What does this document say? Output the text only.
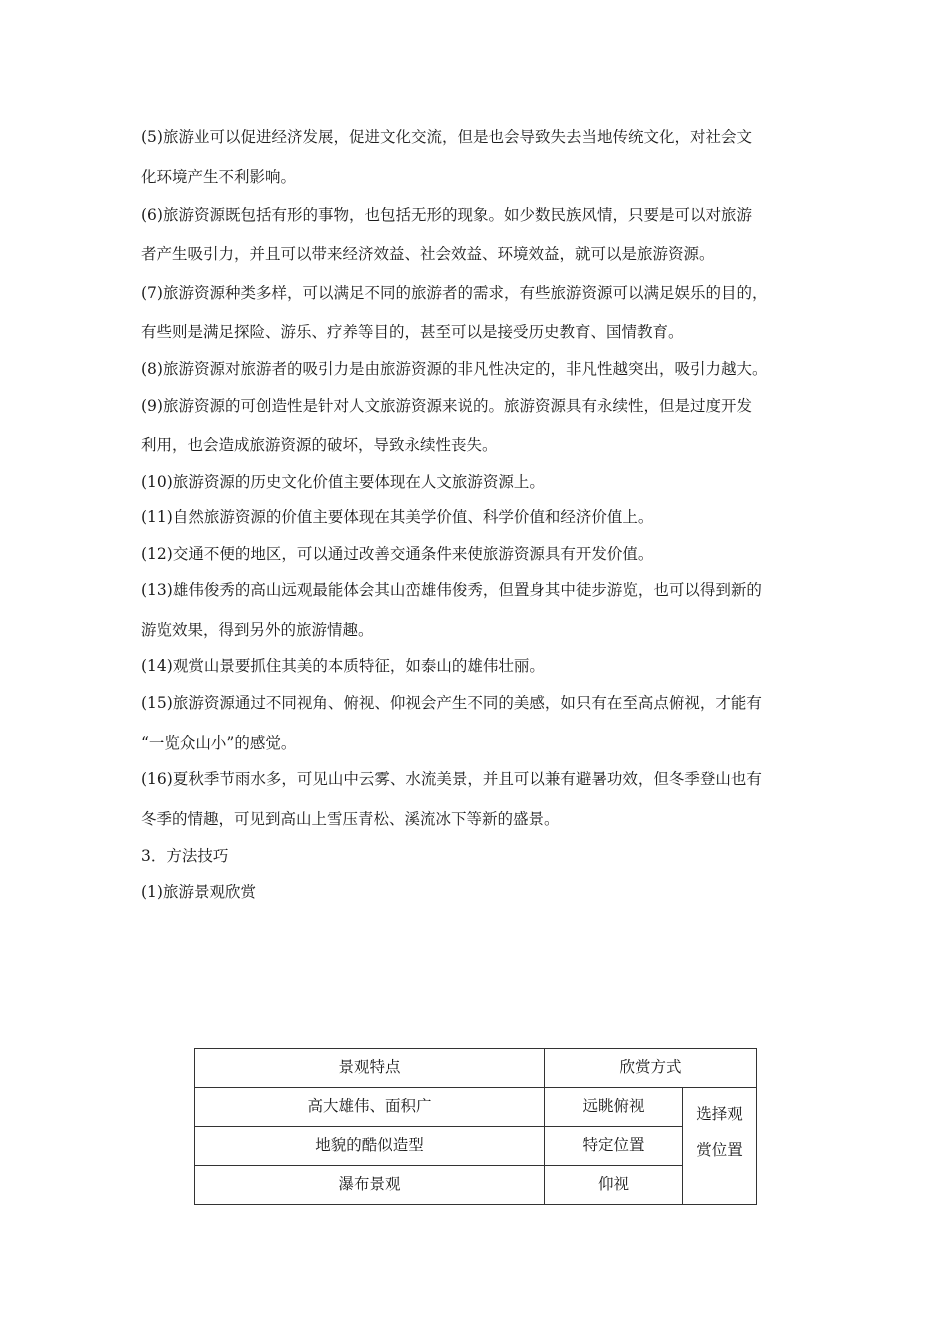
(5)旅游业可以促进经济发展，促进文化交流，但是也会导致失去当地传统文化，对社会文
化环境产生不利影响。
(6)旅游资源既包括有形的事物，也包括无形的现象。如少数民族风情，只要是可以对旅游
者产生吸引力，并且可以带来经济效益、社会效益、环境效益，就可以是旅游资源。
(7)旅游资源种类多样，可以满足不同的旅游者的需求，有些旅游资源可以满足娱乐的目的，
有些则是满足探险、游乐、疗养等目的，甚至可以是接受历史教育、国情教育。
(8)旅游资源对旅游者的吸引力是由旅游资源的非凡性决定的，非凡性越突出，吸引力越大。
(9)旅游资源的可创造性是针对人文旅游资源来说的。旅游资源具有永续性，但是过度开发
利用，也会造成旅游资源的破坏，导致永续性丧失。
(10)旅游资源的历史文化价值主要体现在人文旅游资源上。
(11)自然旅游资源的价值主要体现在其美学价值、科学价值和经济价值上。
(12)交通不便的地区，可以通过改善交通条件来使旅游资源具有开发价值。
(13)雄伟俊秀的高山远观最能体会其山峦雄伟俊秀，但置身其中徒步游览，也可以得到新的
游览效果，得到另外的旅游情趣。
(14)观赏山景要抓住其美的本质特征，如泰山的雄伟壮丽。
(15)旅游资源通过不同视角、俯视、仰视会产生不同的美感，如只有在至高点俯视，才能有
“一览众山小”的感觉。
(16)夏秋季节雨水多，可见山中云雾、水流美景，并且可以兼有避暑功效，但冬季登山也有
冬季的情趣，可见到高山上雪压青松、溪流冰下等新的盛景。
3．方法技巧
(1)旅游景观欣赏
景观特点	欣赏方式	
高大雄伟、面积广	远眺俯视	选择观赏位置

地貌的酷似造型	特定位置	
瀑布景观	仰视	
